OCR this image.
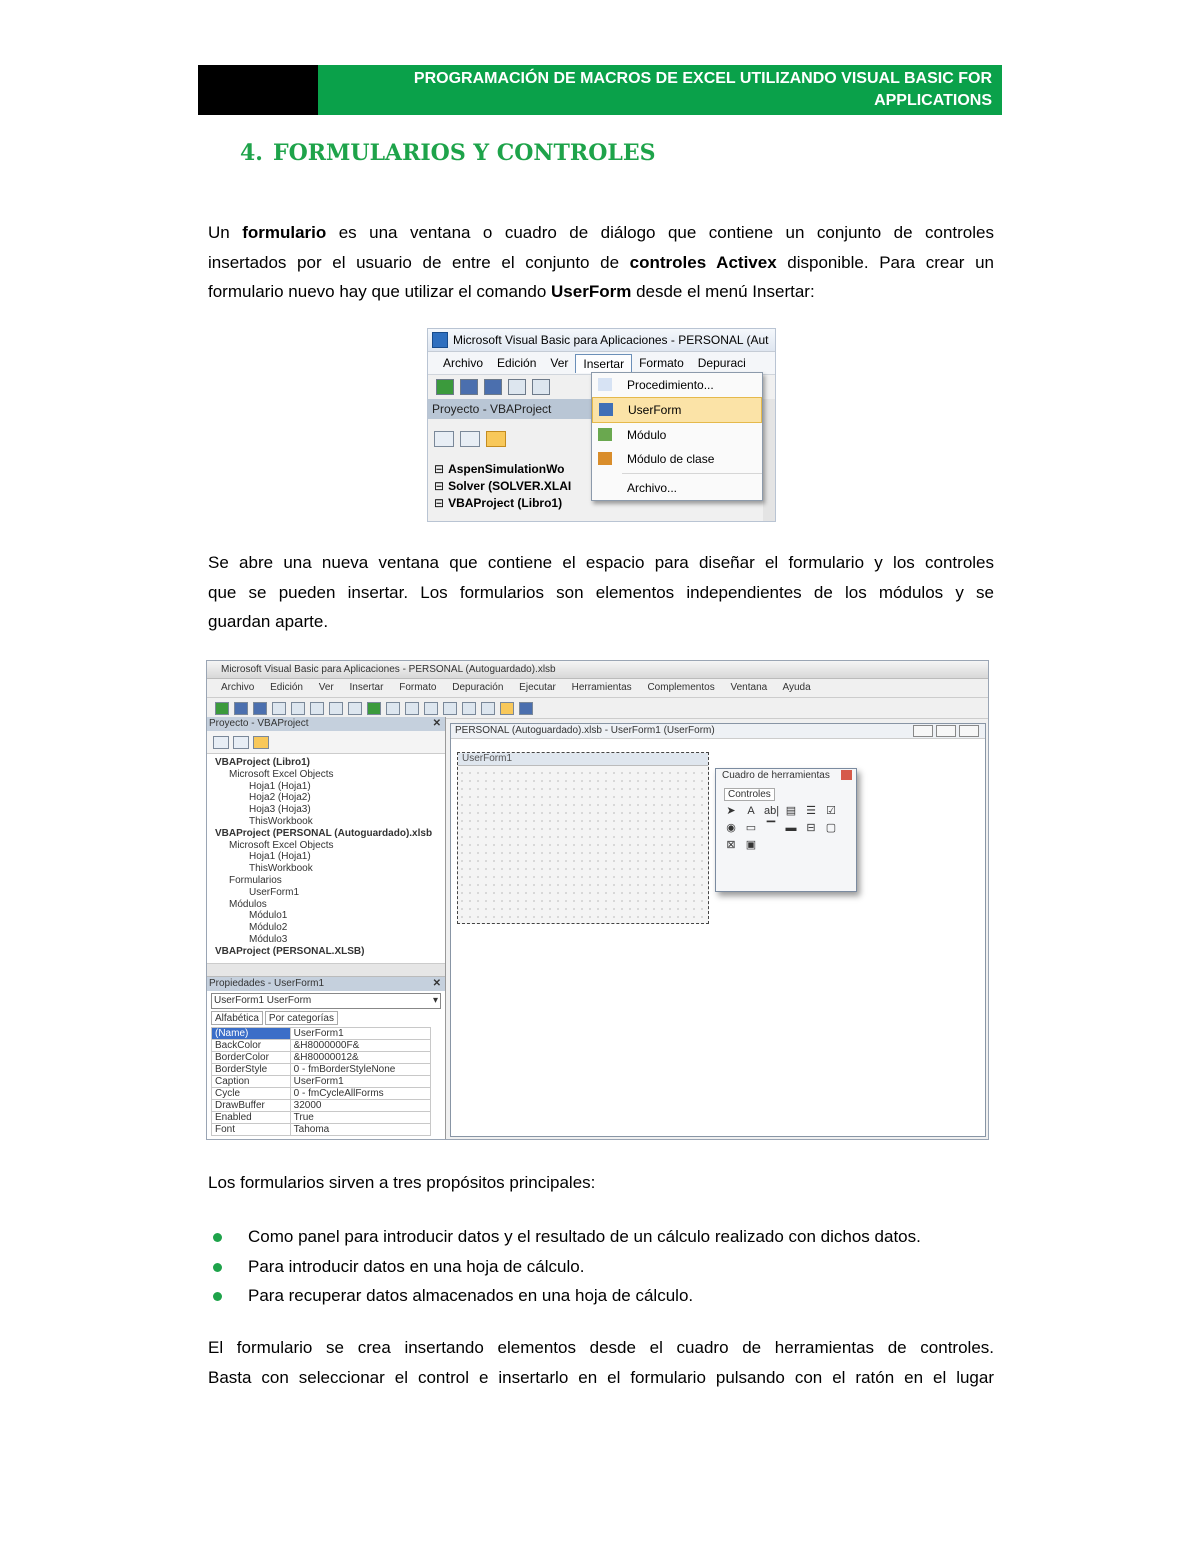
PROGRAMACIÓN DE MACROS DE EXCEL UTILIZANDO VISUAL BASIC FOR
APPLICATIONS
4. FORMULARIOS Y CONTROLES
Un formulario es una ventana o cuadro de diálogo que contiene un conjunto de controles
insertados por el usuario de entre el conjunto de controles Activex disponible. Para crear un
formulario nuevo hay que utilizar el comando UserForm desde el menú Insertar:
Microsoft Visual Basic para Aplicaciones - PERSONAL (Aut
Archivo	Edición	Ver	Insertar	Formato	Depuraci
Proyecto - VBAProject
⊟ AspenSimulationWo
⊟ Solver (SOLVER.XLAI
⊟ VBAProject (Libro1)
Procedimiento...
UserForm
Módulo
Módulo de clase
Archivo...
Se abre una nueva ventana que contiene el espacio para diseñar el formulario y los controles
que se pueden insertar. Los formularios son elementos independientes de los módulos y se
guardan aparte.
Microsoft Visual Basic para Aplicaciones - PERSONAL (Autoguardado).xlsb
Archivo Edición Ver Insertar Formato Depuración Ejecutar Herramientas Complementos Ventana Ayuda
Proyecto - VBAProject	✕
VBAProject (Libro1)
Microsoft Excel Objects
Hoja1 (Hoja1)
Hoja2 (Hoja2)
Hoja3 (Hoja3)
ThisWorkbook
VBAProject (PERSONAL (Autoguardado).xlsb
Microsoft Excel Objects
Hoja1 (Hoja1)
ThisWorkbook
Formularios
UserForm1
Módulos
Módulo1
Módulo2
Módulo3
VBAProject (PERSONAL.XLSB)
Propiedades - UserForm1	✕
UserForm1 UserForm ▾
Alfabética	Por categorías
(Name)	UserForm1
BackColor	&H8000000F&
BorderColor	&H80000012&
BorderStyle	0 - fmBorderStyleNone
Caption	UserForm1
Cycle	0 - fmCycleAllForms
DrawBuffer	32000
Enabled	True
Font	Tahoma
PERSONAL (Autoguardado).xlsb - UserForm1 (UserForm)
UserForm1
Cuadro de herramientas
Controles
➤	A ab| ▤ ☰ ☑
◉ ▭ ▔ ▬ ⊟ ▢
⊠ ▣
Los formularios sirven a tres propósitos principales:
Como panel para introducir datos y el resultado de un cálculo realizado con dichos datos.
Para introducir datos en una hoja de cálculo.
Para recuperar datos almacenados en una hoja de cálculo.
El formulario se crea insertando elementos desde el cuadro de herramientas de controles.
Basta con seleccionar el control e insertarlo en el formulario pulsando con el ratón en el lugar
